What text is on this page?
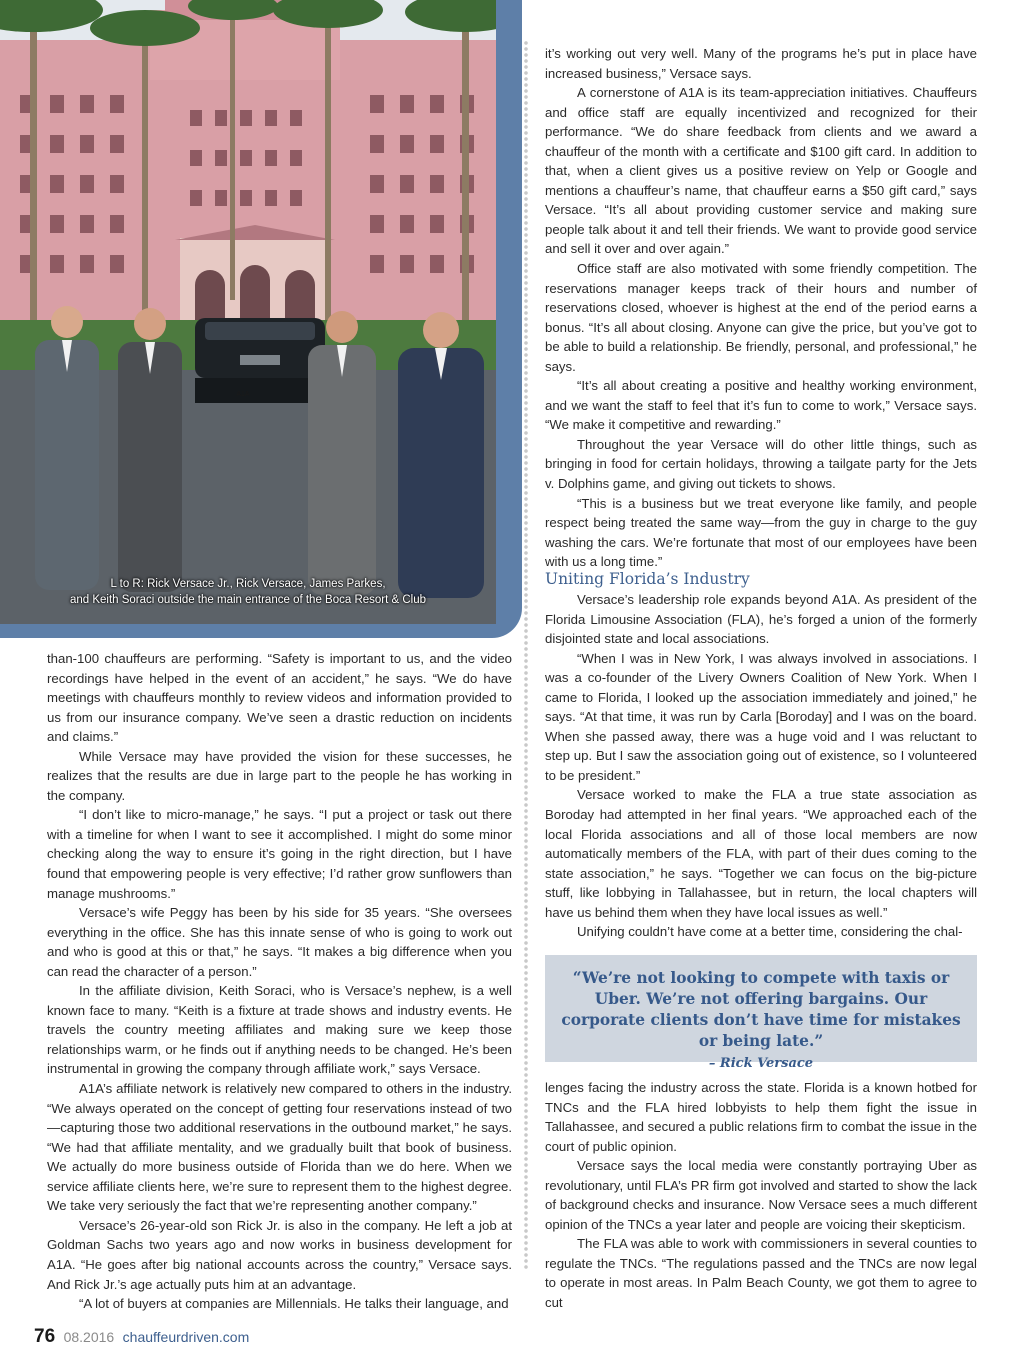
L to R: Rick Versace Jr., Rick Versace, James Parkes,
and Keith Soraci outside the main entrance of the Boca Resort & Club
A1A

than-100 chauffeurs are performing. “Safety is important to us, and the video recordings have helped in the event of an accident,” he says. “We do have meetings with chauffeurs monthly to review videos and information provided to us from our insurance company. We’ve seen a drastic reduction on incidents and claims.”

While Versace may have provided the vision for these successes, he realizes that the results are due in large part to the people he has working in the company.

“I don’t like to micro-manage,” he says. “I put a project or task out there with a timeline for when I want to see it accomplished. I might do some minor checking along the way to ensure it’s going in the right direction, but I have found that empowering people is very effective; I’d rather grow sunflowers than manage mushrooms.”

Versace’s wife Peggy has been by his side for 35 years. “She oversees everything in the office. She has this innate sense of who is going to work out and who is good at this or that,” he says. “It makes a big difference when you can read the character of a person.”

In the affiliate division, Keith Soraci, who is Versace’s nephew, is a well known face to many. “Keith is a fixture at trade shows and industry events. He travels the country meeting affiliates and making sure we keep those relationships warm, or he finds out if anything needs to be changed. He’s been instrumental in growing the company through affiliate work,” says Versace.

A1A’s affiliate network is relatively new compared to others in the industry. “We always operated on the concept of getting four reservations instead of two—capturing those two additional reservations in the outbound market,” he says. “We had that affiliate mentality, and we gradually built that book of business. We actually do more business outside of Florida than we do here. When we service affiliate clients here, we’re sure to represent them to the highest degree. We take very seriously the fact that we’re representing another company.”

Versace’s 26-year-old son Rick Jr. is also in the company. He left a job at Goldman Sachs two years ago and now works in business development for A1A. “He goes after big national accounts across the country,” Versace says. And Rick Jr.’s age actually puts him at an advantage.

“A lot of buyers at companies are Millennials. He talks their language, and

it’s working out very well. Many of the programs he’s put in place have increased business,” Versace says.

A cornerstone of A1A is its team-appreciation initiatives. Chauffeurs and office staff are equally incentivized and recognized for their performance. “We do share feedback from clients and we award a chauffeur of the month with a certificate and $100 gift card. In addition to that, when a client gives us a positive review on Yelp or Google and mentions a chauffeur’s name, that chauffeur earns a $50 gift card,” says Versace. “It’s all about providing customer service and making sure people talk about it and tell their friends. We want to provide good service and sell it over and over again.”

Office staff are also motivated with some friendly competition. The reservations manager keeps track of their hours and number of reservations closed, whoever is highest at the end of the period earns a bonus. “It’s all about closing. Anyone can give the price, but you’ve got to be able to build a relationship. Be friendly, personal, and professional,” he says.

“It’s all about creating a positive and healthy working environment, and we want the staff to feel that it’s fun to come to work,” Versace says. “We make it competitive and rewarding.”

Throughout the year Versace will do other little things, such as bringing in food for certain holidays, throwing a tailgate party for the Jets v. Dolphins game, and giving out tickets to shows.

“This is a business but we treat everyone like family, and people respect being treated the same way—from the guy in charge to the guy washing the cars. We’re fortunate that most of our employees have been with us a long time.”

Uniting Florida’s Industry

Versace’s leadership role expands beyond A1A. As president of the Florida Limousine Association (FLA), he’s forged a union of the formerly disjointed state and local associations.

“When I was in New York, I was always involved in associations. I was a co-founder of the Livery Owners Coalition of New York. When I came to Florida, I looked up the association immediately and joined,” he says. “At that time, it was run by Carla [Boroday] and I was on the board. When she passed away, there was a huge void and I was reluctant to step up. But I saw the association going out of existence, so I volunteered to be president.”

Versace worked to make the FLA a true state association as Boroday had attempted in her final years. “We approached each of the local Florida associations and all of those local members are now automatically members of the FLA, with part of their dues coming to the state association,” he says. “Together we can focus on the big-picture stuff, like lobbying in Tallahassee, but in return, the local chapters will have us behind them when they have local issues as well.”

Unifying couldn’t have come at a better time, considering the chal-

“We’re not looking to compete with taxis or Uber. We’re not offering bargains. Our corporate clients don’t have time for mistakes or being late.”
– Rick Versace

lenges facing the industry across the state. Florida is a known hotbed for TNCs and the FLA hired lobbyists to help them fight the issue in Tallahassee, and secured a public relations firm to combat the issue in the court of public opinion.

Versace says the local media were constantly portraying Uber as revolutionary, until FLA’s PR firm got involved and started to show the lack of background checks and insurance. Now Versace sees a much different opinion of the TNCs a year later and people are voicing their skepticism.

The FLA was able to work with commissioners in several counties to regulate the TNCs. “The regulations passed and the TNCs are now legal to operate in most areas. In Palm Beach County, we got them to agree to cut

76 08.2016 chauffeurdriven.com
